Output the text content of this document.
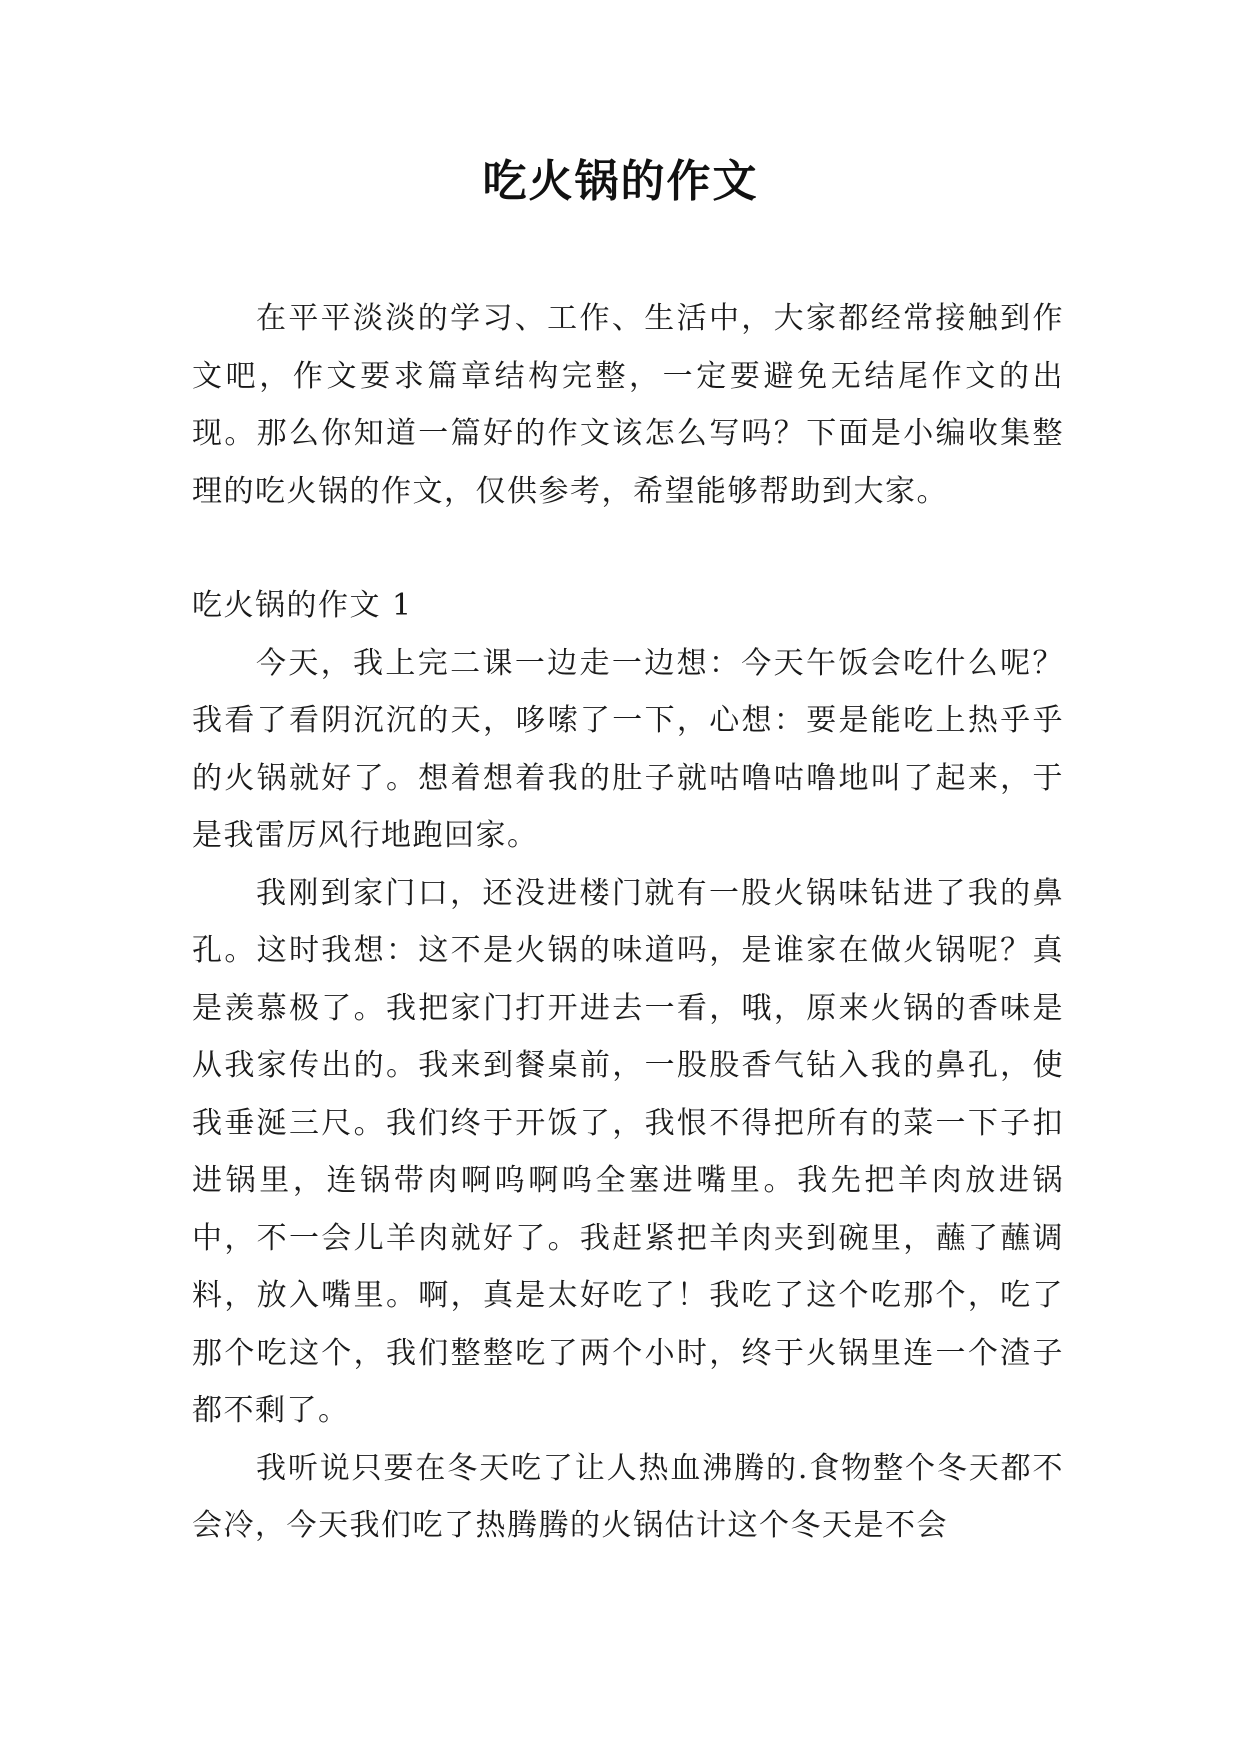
吃火锅的作文

在平平淡淡的学习、工作、生活中，大家都经常接触到作文吧，作文要求篇章结构完整，一定要避免无结尾作文的出现。那么你知道一篇好的作文该怎么写吗？下面是小编收集整理的吃火锅的作文，仅供参考，希望能够帮助到大家。

吃火锅的作文 1

今天，我上完二课一边走一边想：今天午饭会吃什么呢？我看了看阴沉沉的天，哆嗦了一下，心想：要是能吃上热乎乎的火锅就好了。想着想着我的肚子就咕噜咕噜地叫了起来，于是我雷厉风行地跑回家。

我刚到家门口，还没进楼门就有一股火锅味钻进了我的鼻孔。这时我想：这不是火锅的味道吗，是谁家在做火锅呢？真是羡慕极了。我把家门打开进去一看，哦，原来火锅的香味是从我家传出的。我来到餐桌前，一股股香气钻入我的鼻孔，使我垂涎三尺。我们终于开饭了，我恨不得把所有的菜一下子扣进锅里，连锅带肉啊呜啊呜全塞进嘴里。我先把羊肉放进锅中，不一会儿羊肉就好了。我赶紧把羊肉夹到碗里，蘸了蘸调料，放入嘴里。啊，真是太好吃了！我吃了这个吃那个，吃了那个吃这个，我们整整吃了两个小时，终于火锅里连一个渣子都不剩了。

我听说只要在冬天吃了让人热血沸腾的.食物整个冬天都不会冷，今天我们吃了热腾腾的火锅估计这个冬天是不会
